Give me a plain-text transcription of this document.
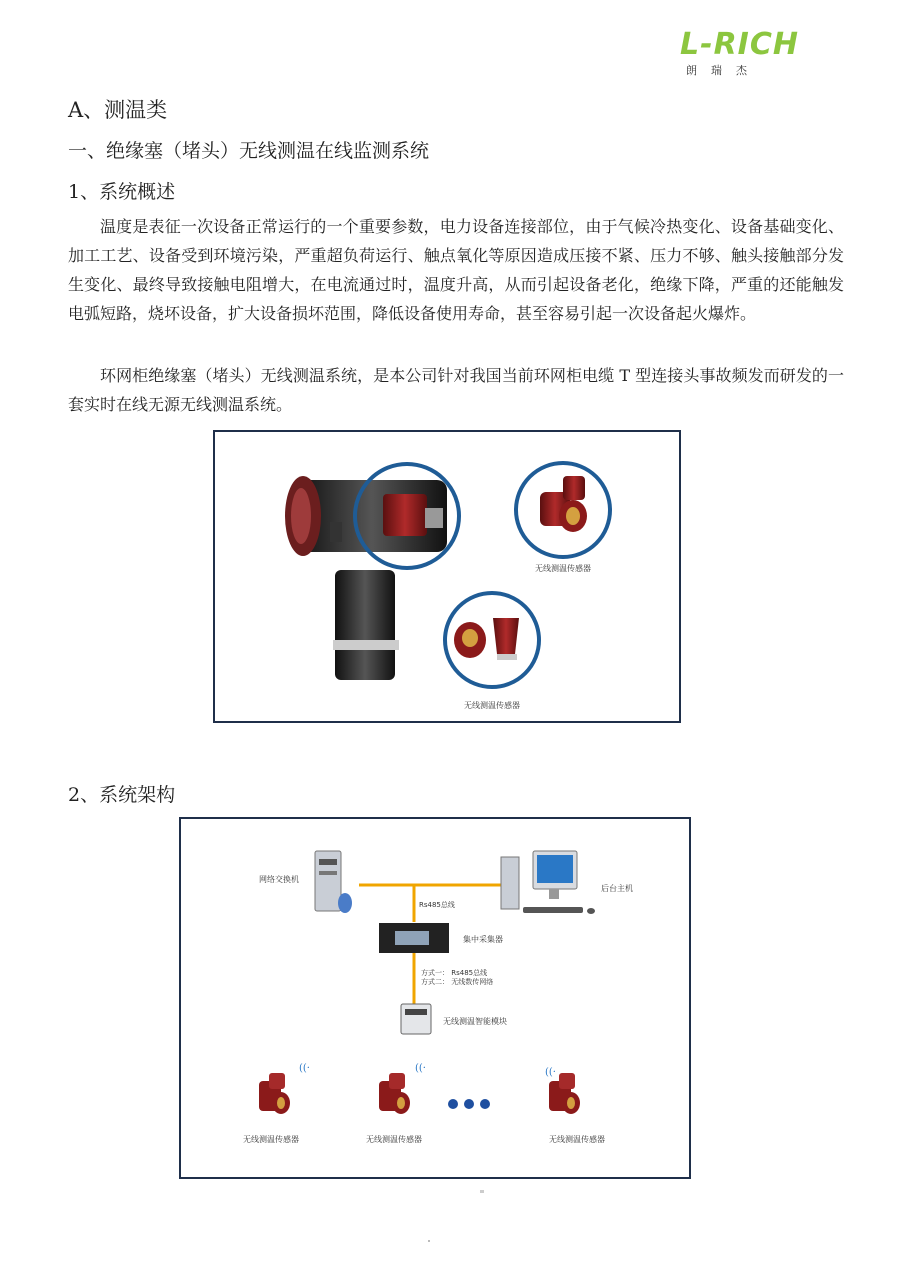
L-RICH
朗瑞杰
A、测温类
一、绝缘塞（堵头）无线测温在线监测系统
1、系统概述
温度是表征一次设备正常运行的一个重要参数，电力设备连接部位，由于气候冷热变化、设备基础变化、加工工艺、设备受到环境污染，严重超负荷运行、触点氧化等原因造成压接不紧、压力不够、触头接触部分发生变化、最终导致接触电阻增大，在电流通过时，温度升高，从而引起设备老化，绝缘下降，严重的还能触发电弧短路，烧坏设备，扩大设备损坏范围，降低设备使用寿命，甚至容易引起一次设备起火爆炸。
环网柜绝缘塞（堵头）无线测温系统，是本公司针对我国当前环网柜电缆 T 型连接头事故频发而研发的一套实时在线无源无线测温系统。
无线测温传感器
无线测温传感器
2、系统架构
网络交换机
后台主机
Rs485总线
集中采集器
方式一： Rs485总线
方式二： 无线数传网络
无线测温智能模块
((·
无线测温传感器
((·
无线测温传感器
((·
无线测温传感器
